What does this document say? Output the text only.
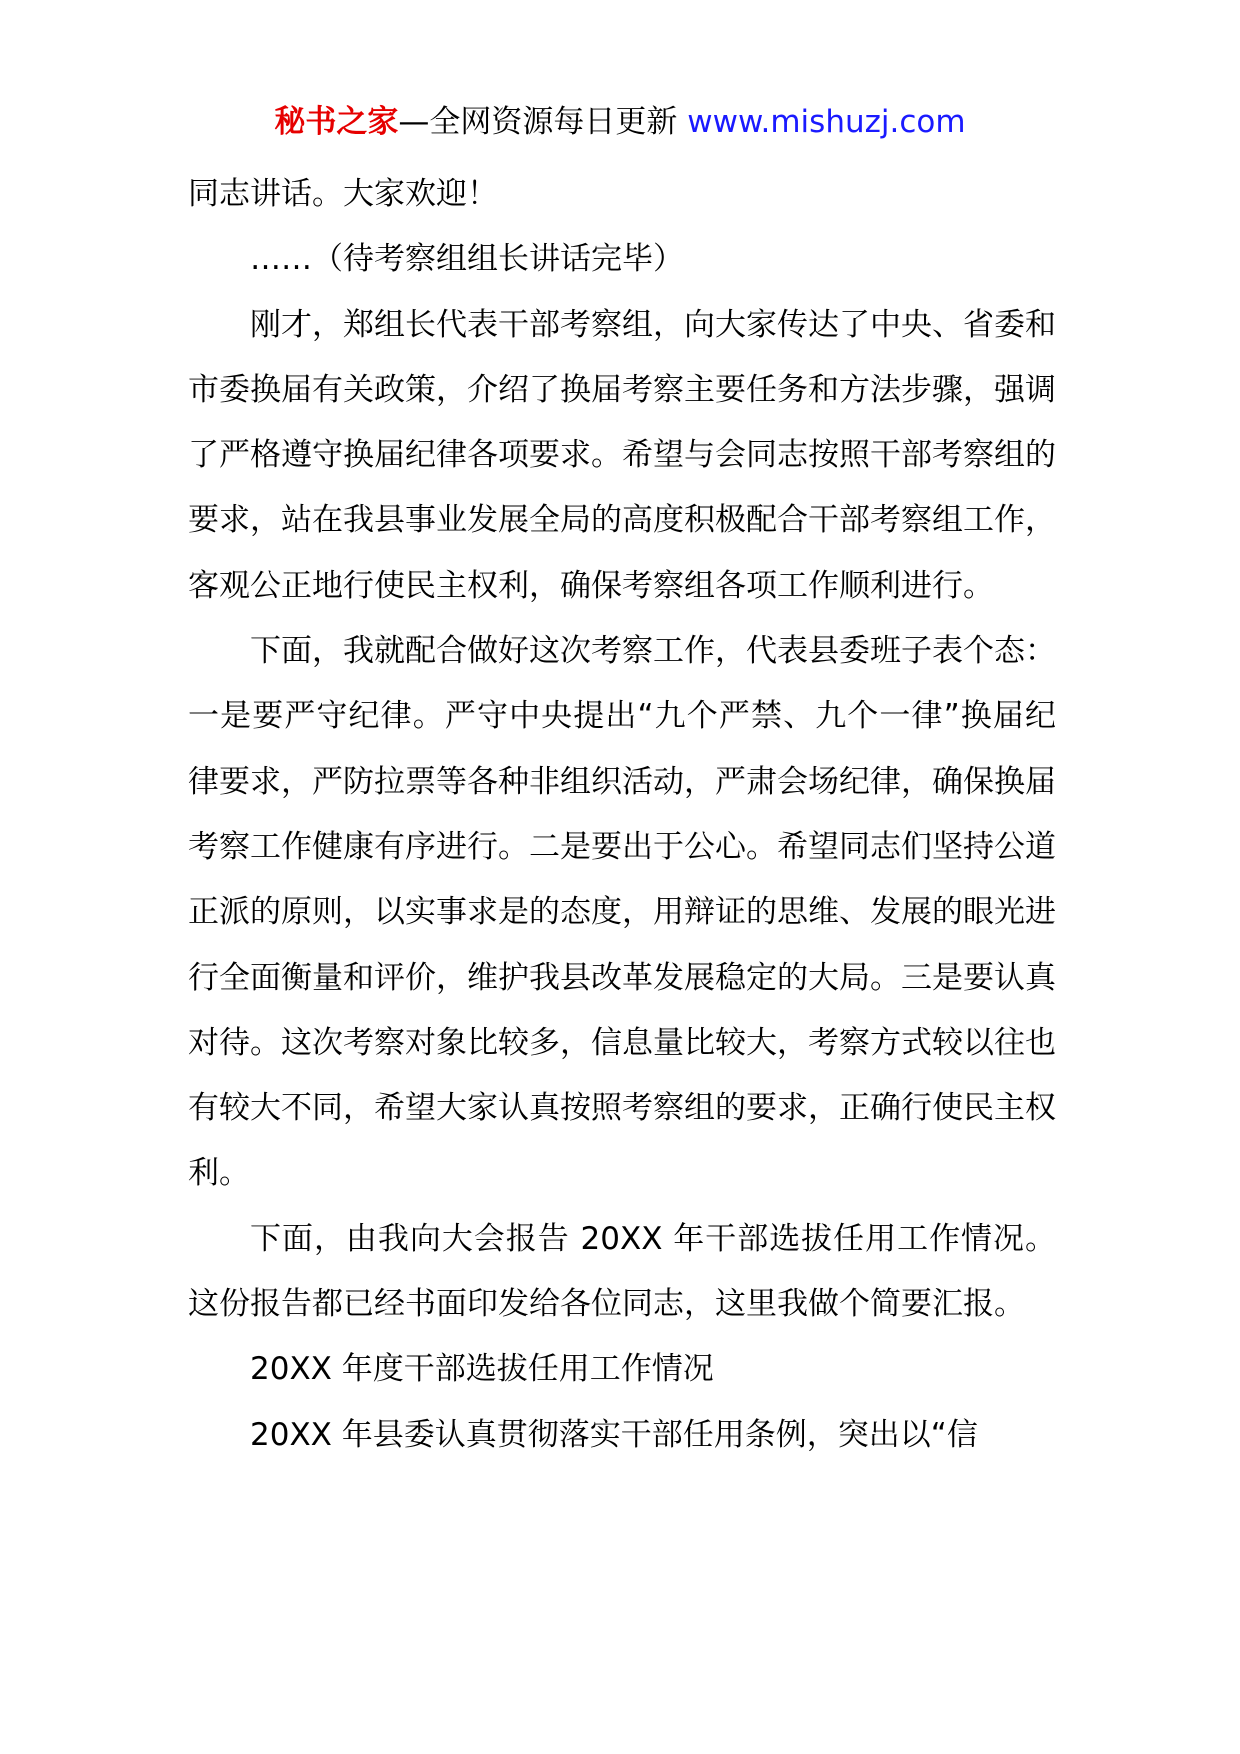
秘书之家—全网资源每日更新 www.mishuzj.com

同志讲话。大家欢迎！

……（待考察组组长讲话完毕）

刚才，郑组长代表干部考察组，向大家传达了中央、省委和市委换届有关政策，介绍了换届考察主要任务和方法步骤，强调了严格遵守换届纪律各项要求。希望与会同志按照干部考察组的要求，站在我县事业发展全局的高度积极配合干部考察组工作，客观公正地行使民主权利，确保考察组各项工作顺利进行。

下面，我就配合做好这次考察工作，代表县委班子表个态：一是要严守纪律。严守中央提出“九个严禁、九个一律”换届纪律要求，严防拉票等各种非组织活动，严肃会场纪律，确保换届考察工作健康有序进行。二是要出于公心。希望同志们坚持公道正派的原则，以实事求是的态度，用辩证的思维、发展的眼光进行全面衡量和评价，维护我县改革发展稳定的大局。三是要认真对待。这次考察对象比较多，信息量比较大，考察方式较以往也有较大不同，希望大家认真按照考察组的要求，正确行使民主权利。

下面，由我向大会报告 20XX 年干部选拔任用工作情况。这份报告都已经书面印发给各位同志，这里我做个简要汇报。

20XX 年度干部选拔任用工作情况

20XX 年县委认真贯彻落实干部任用条例，突出以“信
